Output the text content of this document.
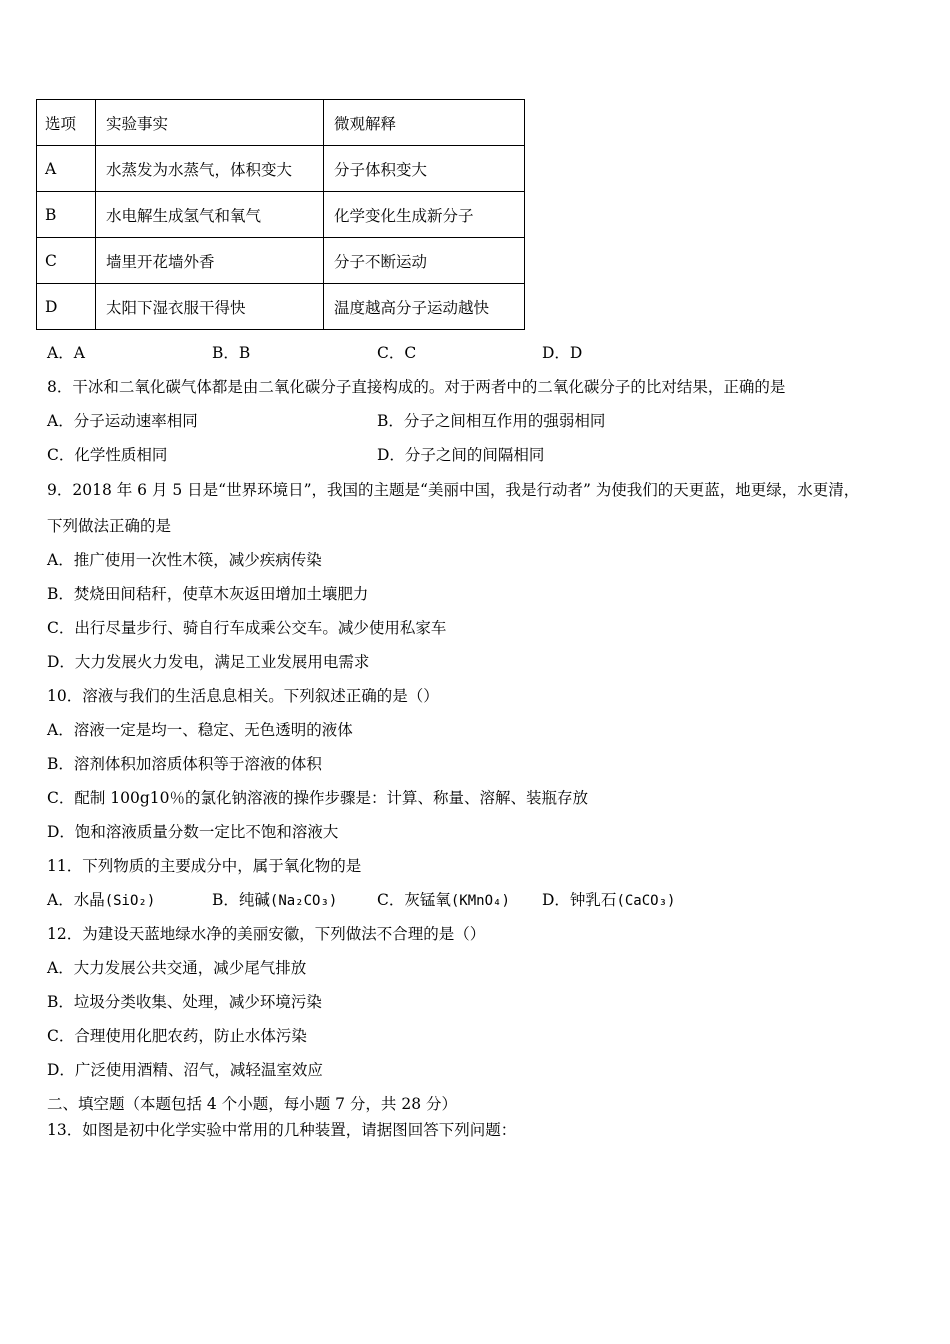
选项	实验事实	微观解释
A	水蒸发为水蒸气，体积变大	分子体积变大
B	水电解生成氢气和氧气	化学变化生成新分子
C	墙里开花墙外香	分子不断运动
D	太阳下湿衣服干得快	温度越高分子运动越快
A．A	B．B	C．C	D．D
8．干冰和二氧化碳气体都是由二氧化碳分子直接构成的。对于两者中的二氧化碳分子的比对结果，正确的是
A．分子运动速率相同	B．分子之间相互作用的强弱相同
C．化学性质相同	D．分子之间的间隔相同
9．2018 年 6 月 5 日是“世界环境日”，我国的主题是“美丽中国，我是行动者” 为使我们的天更蓝，地更绿，水更清，
下列做法正确的是
A．推广使用一次性木筷，减少疾病传染
B．焚烧田间秸秆，使草木灰返田增加土壤肥力
C．出行尽量步行、骑自行车成乘公交车。减少使用私家车
D．大力发展火力发电，满足工业发展用电需求
10．溶液与我们的生活息息相关。下列叙述正确的是（）
A．溶液一定是均一、稳定、无色透明的液体
B．溶剂体积加溶质体积等于溶液的体积
C．配制 100g10％的氯化钠溶液的操作步骤是：计算、称量、溶解、装瓶存放
D．饱和溶液质量分数一定比不饱和溶液大
11．下列物质的主要成分中，属于氧化物的是
A．水晶(SiO₂)	B．纯碱(Na₂CO₃)	C．灰锰氧(KMnO₄) D．钟乳石(CaCO₃)
12．为建设天蓝地绿水净的美丽安徽，下列做法不合理的是（）
A．大力发展公共交通，减少尾气排放
B．垃圾分类收集、处理，减少环境污染
C．合理使用化肥农药，防止水体污染
D．广泛使用酒精、沼气，减轻温室效应
二、填空题（本题包括 4 个小题，每小题 7 分，共 28 分）
13．如图是初中化学实验中常用的几种装置，请据图回答下列问题：
